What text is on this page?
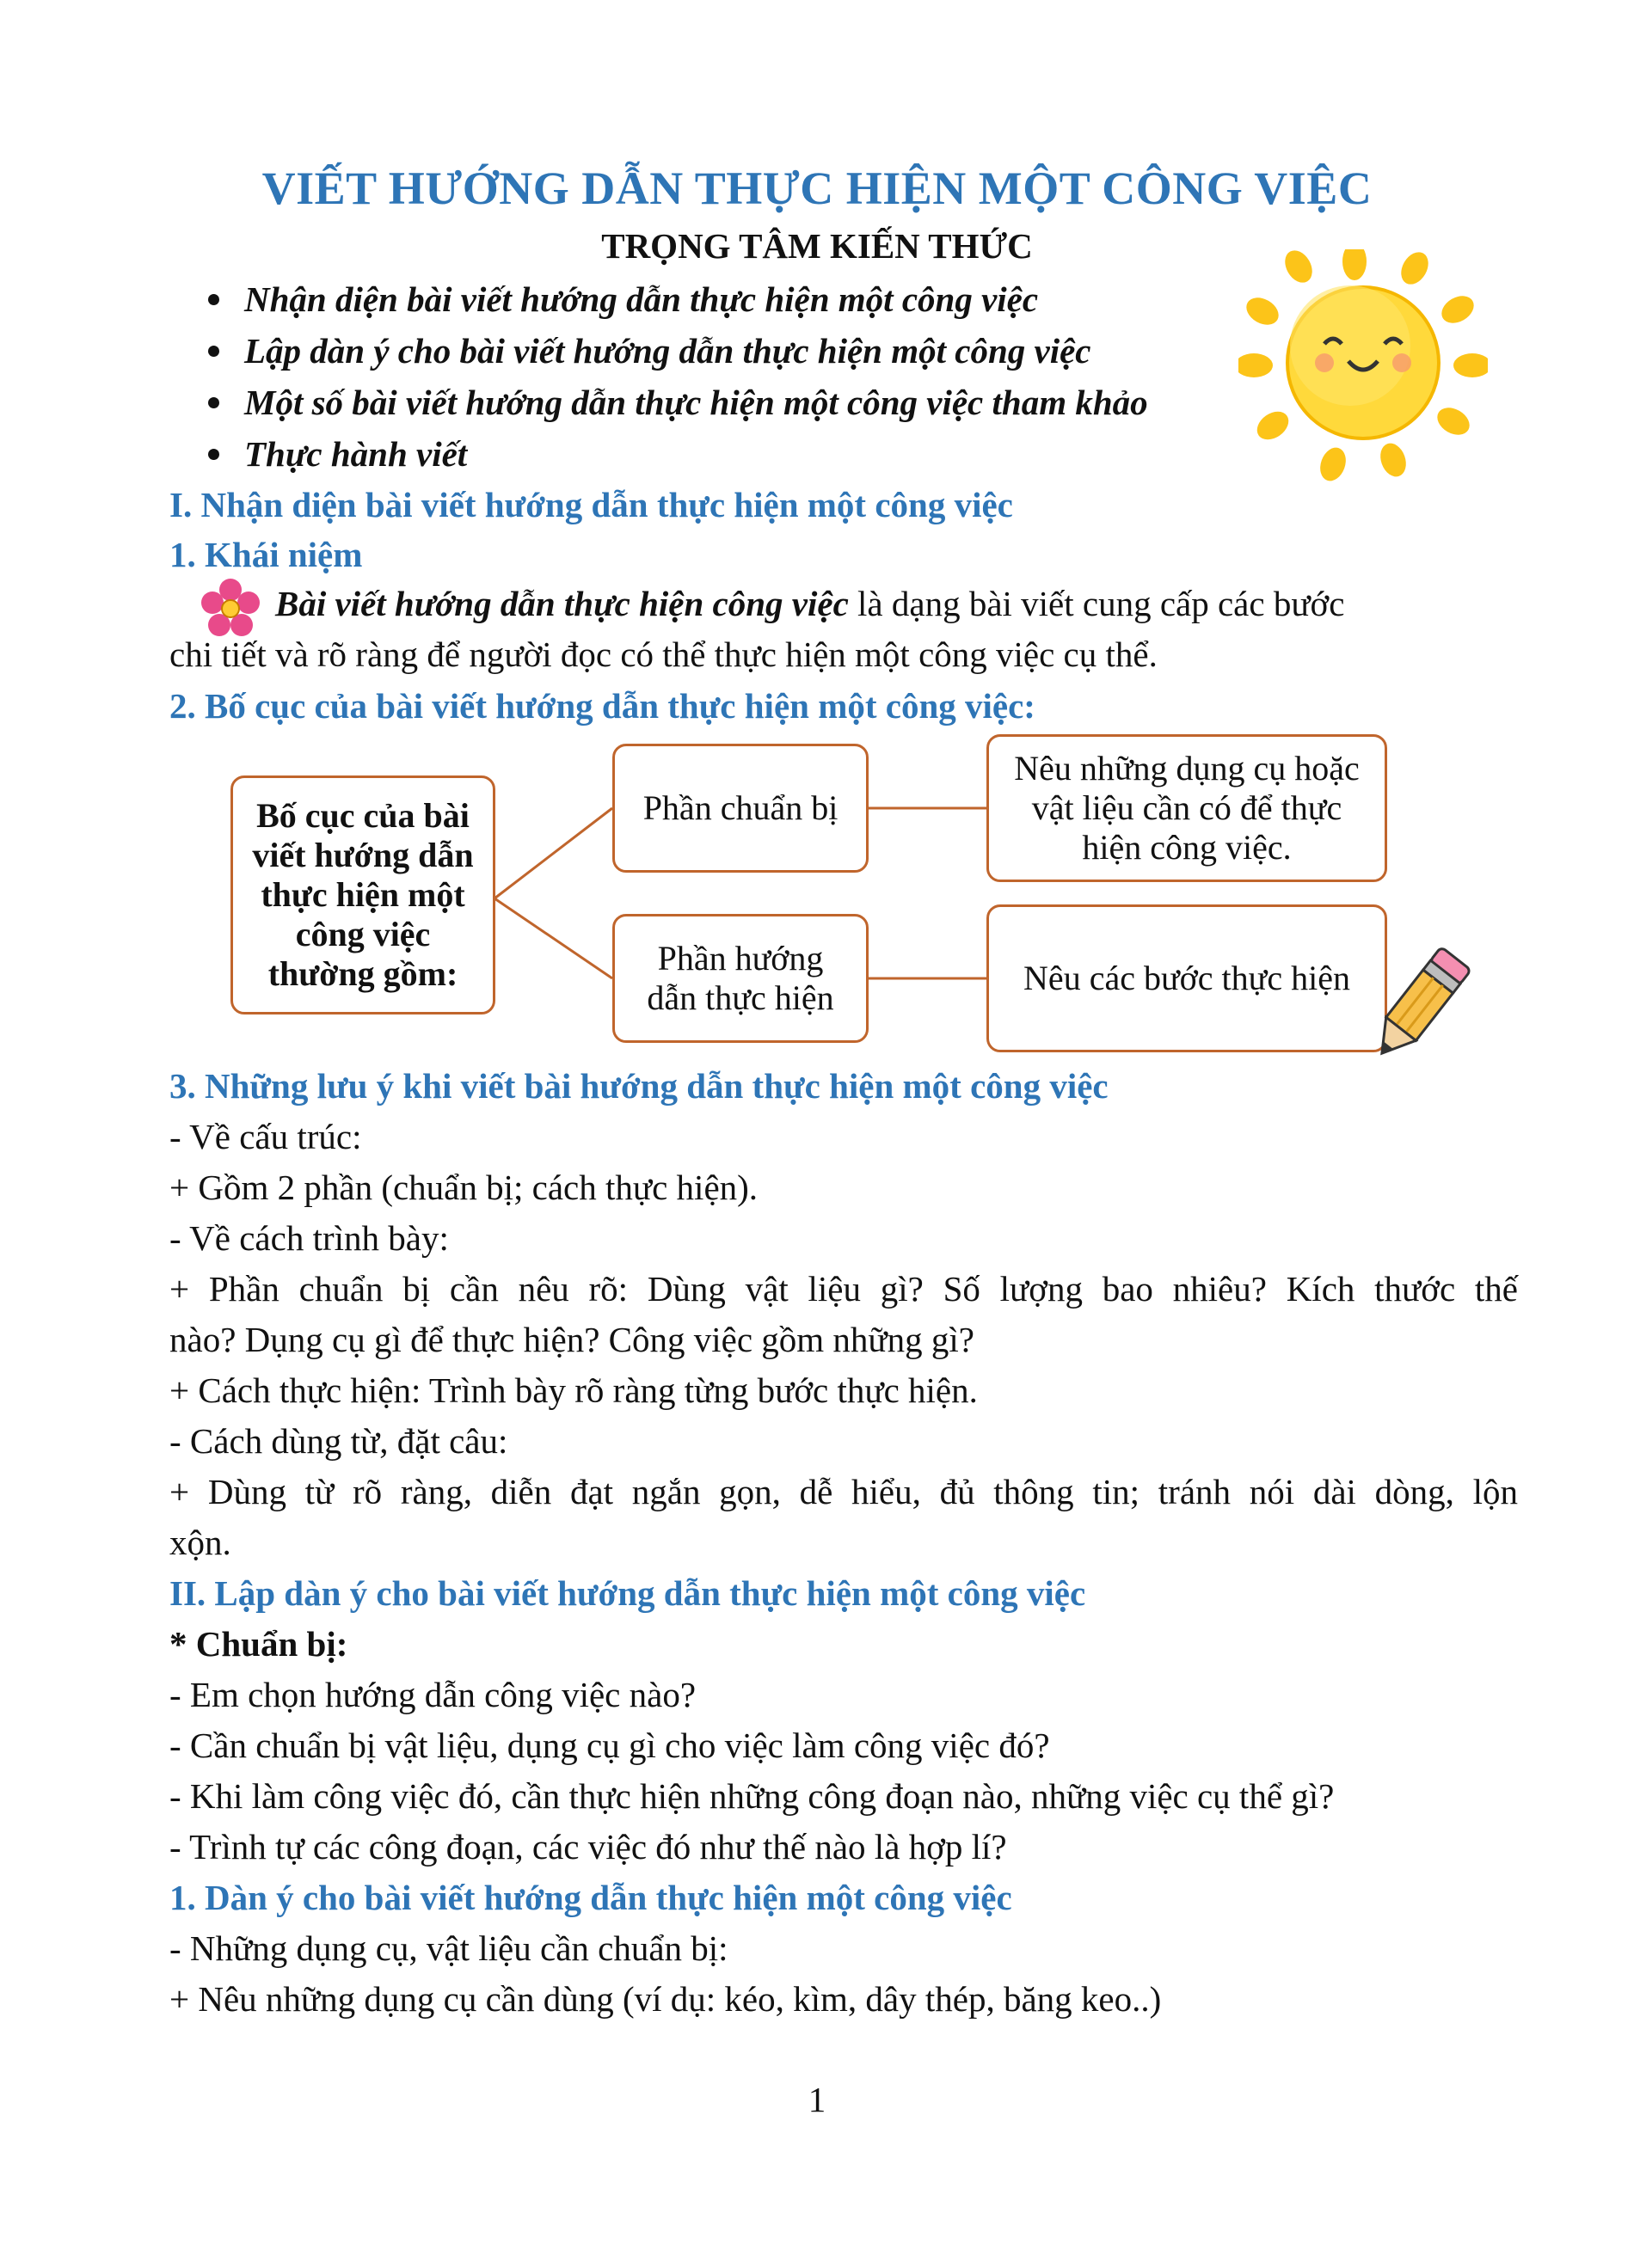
VIẾT HƯỚNG DẪN THỰC HIỆN MỘT CÔNG VIỆC
TRỌNG TÂM KIẾN THỨC
Nhận diện bài viết hướng dẫn thực hiện một công việc
Lập dàn ý cho bài viết hướng dẫn thực hiện một công việc
Một số bài viết hướng dẫn thực hiện một công việc tham khảo
Thực hành viết
I. Nhận diện bài viết hướng dẫn thực hiện một công việc
1. Khái niệm
Bài viết hướng dẫn thực hiện công việc là dạng bài viết cung cấp các bước
chi tiết và rõ ràng để người đọc có thể thực hiện một công việc cụ thể.
2. Bố cục của bài viết hướng dẫn thực hiện một công việc:
Bố cục của bài viết hướng dẫn thực hiện một công việc thường gồm:
Phần chuẩn bị
Nêu những dụng cụ hoặc vật liệu cần có để thực hiện công việc.
Phần hướng dẫn thực hiện
Nêu các bước thực hiện
3. Những lưu ý khi viết bài hướng dẫn thực hiện một công việc
- Về cấu trúc:
+ Gồm 2 phần (chuẩn bị; cách thực hiện).
- Về cách trình bày:
+ Phần chuẩn bị cần nêu rõ: Dùng vật liệu gì? Số lượng bao nhiêu? Kích thước thế
nào? Dụng cụ gì để thực hiện? Công việc gồm những gì?
+ Cách thực hiện: Trình bày rõ ràng từng bước thực hiện.
- Cách dùng từ, đặt câu:
+ Dùng từ rõ ràng, diễn đạt ngắn gọn, dễ hiểu, đủ thông tin; tránh nói dài dòng, lộn
xộn.
II. Lập dàn ý cho bài viết hướng dẫn thực hiện một công việc
* Chuẩn bị:
- Em chọn hướng dẫn công việc nào?
- Cần chuẩn bị vật liệu, dụng cụ gì cho việc làm công việc đó?
- Khi làm công việc đó, cần thực hiện những công đoạn nào, những việc cụ thể gì?
- Trình tự các công đoạn, các việc đó như thế nào là hợp lí?
1. Dàn ý cho bài viết hướng dẫn thực hiện một công việc
- Những dụng cụ, vật liệu cần chuẩn bị:
+ Nêu những dụng cụ cần dùng (ví dụ: kéo, kìm, dây thép, băng keo..)
1
